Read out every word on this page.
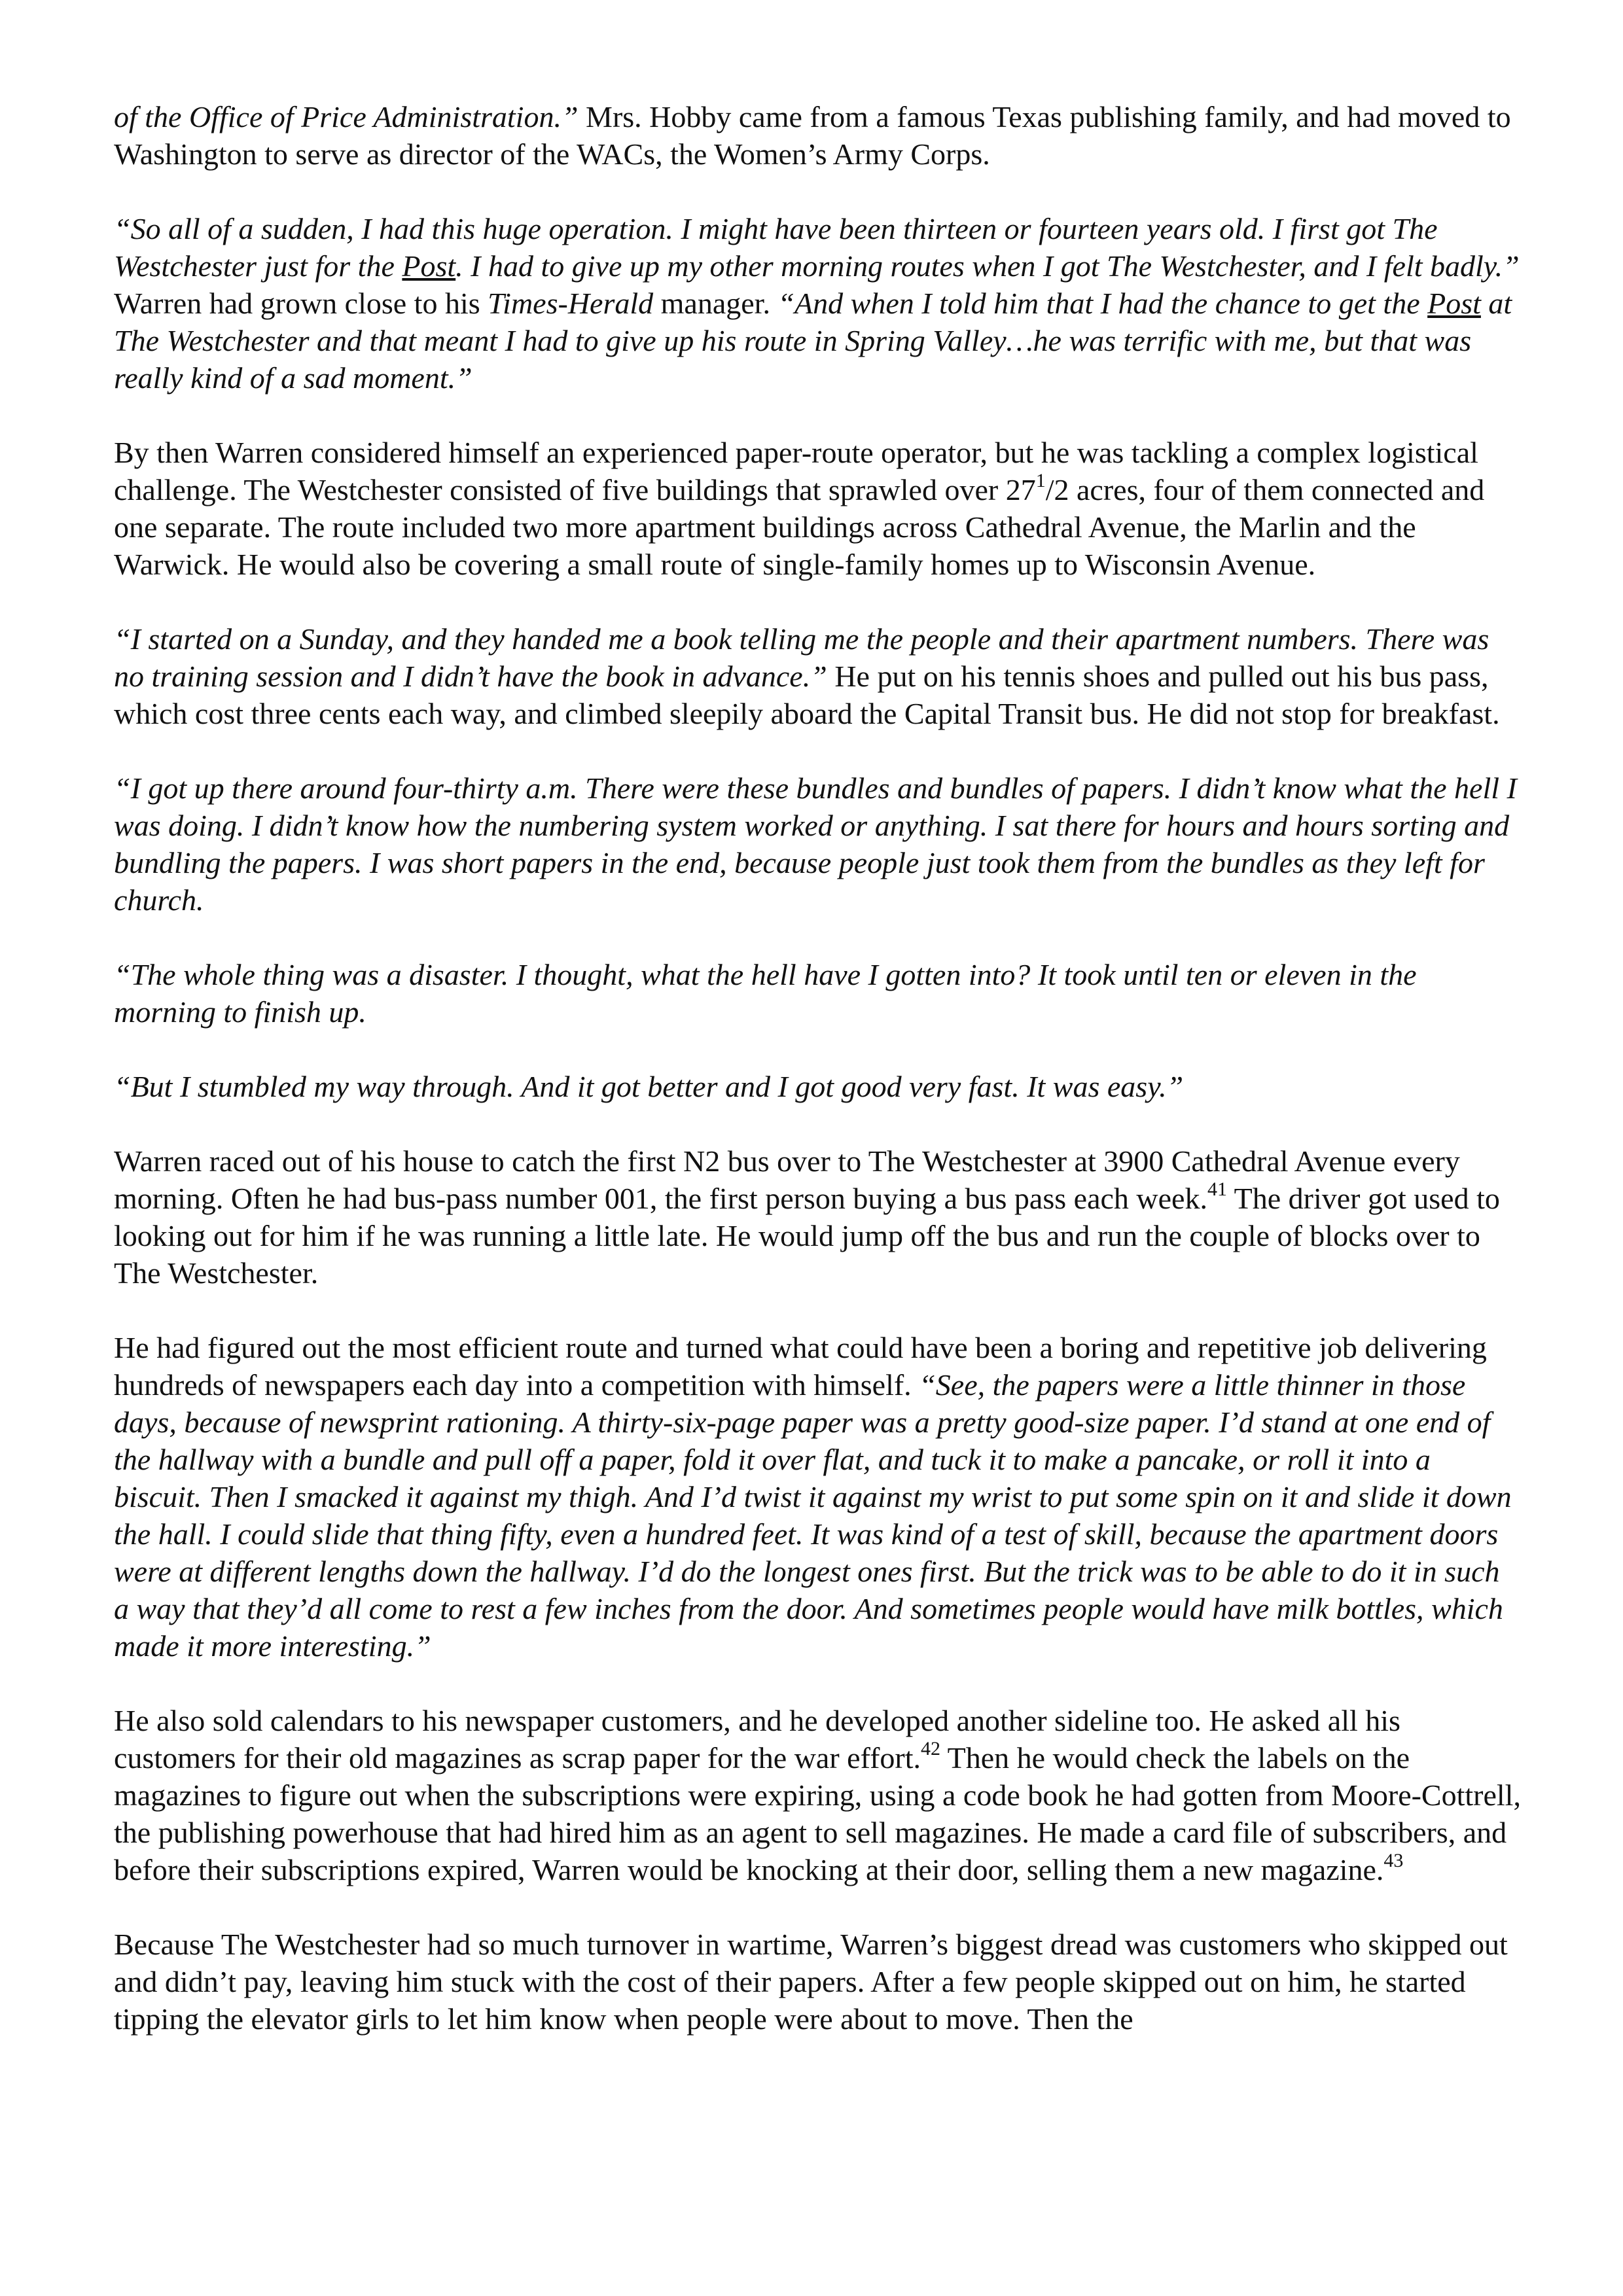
of the Office of Price Administration.” Mrs. Hobby came from a famous Texas publishing family, and had moved to Washington to serve as director of the WACs, the Women’s Army Corps.

“So all of a sudden, I had this huge operation. I might have been thirteen or fourteen years old. I first got The Westchester just for the Post. I had to give up my other morning routes when I got The Westchester, and I felt badly.” Warren had grown close to his Times-Herald manager. “And when I told him that I had the chance to get the Post at The Westchester and that meant I had to give up his route in Spring Valley…he was terrific with me, but that was really kind of a sad moment.”

By then Warren considered himself an experienced paper-route operator, but he was tackling a complex logistical challenge. The Westchester consisted of five buildings that sprawled over $27^1/2$ acres, four of them connected and one separate. The route included two more apartment buildings across Cathedral Avenue, the Marlin and the Warwick. He would also be covering a small route of single-family homes up to Wisconsin Avenue.

“I started on a Sunday, and they handed me a book telling me the people and their apartment numbers. There was no training session and I didn’t have the book in advance.” He put on his tennis shoes and pulled out his bus pass, which cost three cents each way, and climbed sleepily aboard the Capital Transit bus. He did not stop for breakfast.

“I got up there around four-thirty a.m. There were these bundles and bundles of papers. I didn’t know what the hell I was doing. I didn’t know how the numbering system worked or anything. I sat there for hours and hours sorting and bundling the papers. I was short papers in the end, because people just took them from the bundles as they left for church.

“The whole thing was a disaster. I thought, what the hell have I gotten into? It took until ten or eleven in the morning to finish up.

“But I stumbled my way through. And it got better and I got good very fast. It was easy.”

Warren raced out of his house to catch the first N2 bus over to The Westchester at 3900 Cathedral Avenue every morning. Often he had bus-pass number 001, the first person buying a bus pass each week.$^{41}$ The driver got used to looking out for him if he was running a little late. He would jump off the bus and run the couple of blocks over to The Westchester.

He had figured out the most efficient route and turned what could have been a boring and repetitive job delivering hundreds of newspapers each day into a competition with himself. “See, the papers were a little thinner in those days, because of newsprint rationing. A thirty-six-page paper was a pretty good-size paper. I’d stand at one end of the hallway with a bundle and pull off a paper, fold it over flat, and tuck it to make a pancake, or roll it into a biscuit. Then I smacked it against my thigh. And I’d twist it against my wrist to put some spin on it and slide it down the hall. I could slide that thing fifty, even a hundred feet. It was kind of a test of skill, because the apartment doors were at different lengths down the hallway. I’d do the longest ones first. But the trick was to be able to do it in such a way that they’d all come to rest a few inches from the door. And sometimes people would have milk bottles, which made it more interesting.”

He also sold calendars to his newspaper customers, and he developed another sideline too. He asked all his customers for their old magazines as scrap paper for the war effort.$^{42}$ Then he would check the labels on the magazines to figure out when the subscriptions were expiring, using a code book he had gotten from Moore-Cottrell, the publishing powerhouse that had hired him as an agent to sell magazines. He made a card file of subscribers, and before their subscriptions expired, Warren would be knocking at their door, selling them a new magazine.$^{43}$

Because The Westchester had so much turnover in wartime, Warren’s biggest dread was customers who skipped out and didn’t pay, leaving him stuck with the cost of their papers. After a few people skipped out on him, he started tipping the elevator girls to let him know when people were about to move. Then the
